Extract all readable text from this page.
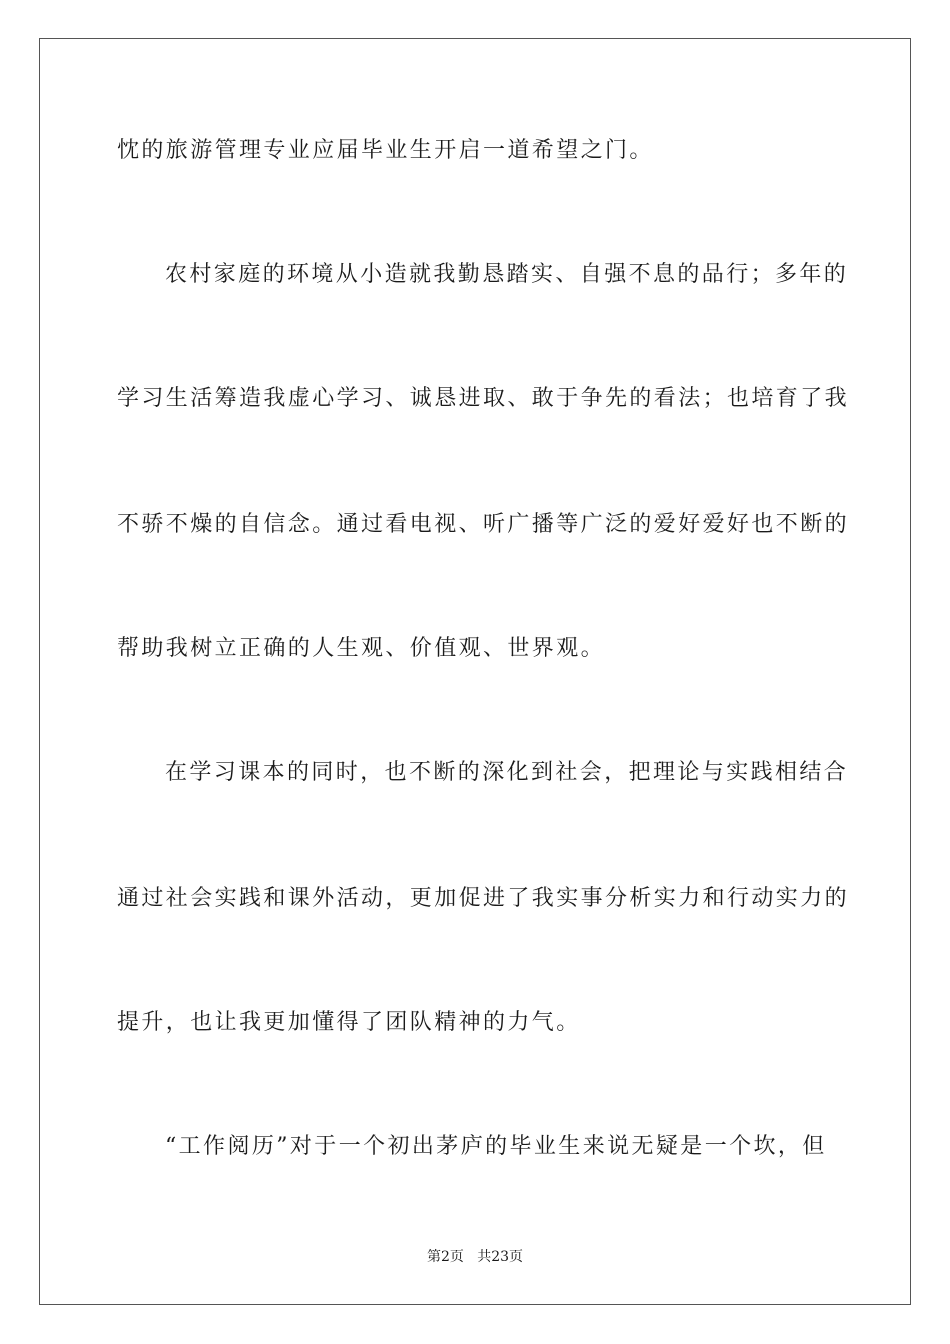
忱的旅游管理专业应届毕业生开启一道希望之门。
农村家庭的环境从小造就我勤恳踏实、自强不息的品行；多年的
学习生活筹造我虚心学习、诚恳进取、敢于争先的看法；也培育了我
不骄不燥的自信念。通过看电视、听广播等广泛的爱好爱好也不断的
帮助我树立正确的人生观、价值观、世界观。
在学习课本的同时，也不断的深化到社会，把理论与实践相结合
通过社会实践和课外活动，更加促进了我实事分析实力和行动实力的
提升，也让我更加懂得了团队精神的力气。
“工作阅历”对于一个初出茅庐的毕业生来说无疑是一个坎，但
第2页   共23页
